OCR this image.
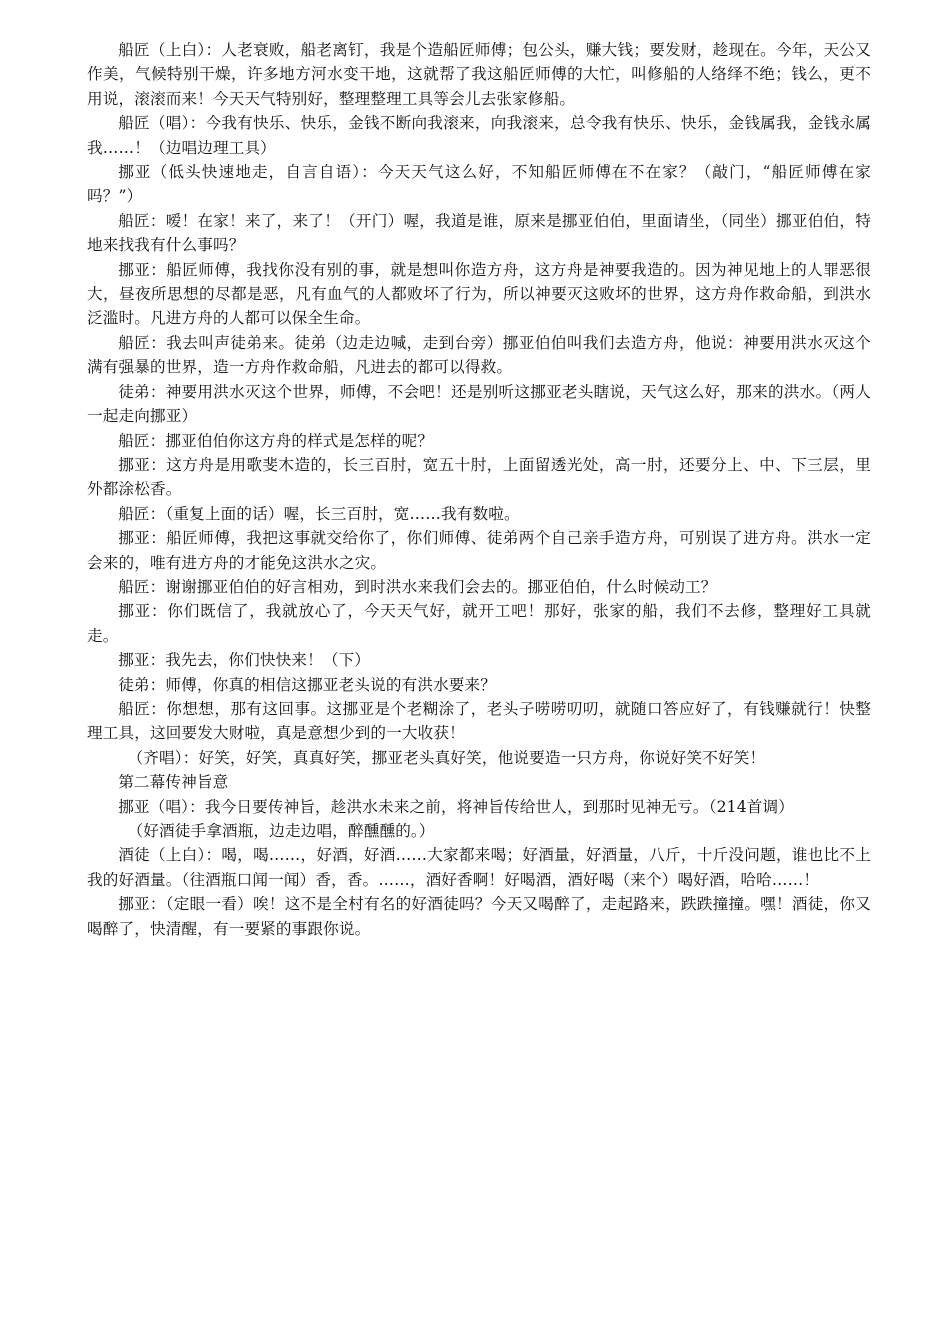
船匠（上白）：人老衰败，船老离钉，我是个造船匠师傅；包公头，赚大钱；要发财，趁现在。今年，天公又作美，气候特别干燥，许多地方河水变干地，这就帮了我这船匠师傅的大忙，叫修船的人络绎不绝；钱么，更不用说，滚滚而来！今天天气特别好，整理整理工具等会儿去张家修船。

船匠（唱）：今我有快乐、快乐，金钱不断向我滚来，向我滚来，总令我有快乐、快乐，金钱属我，金钱永属我……！（边唱边理工具）

挪亚（低头快速地走，自言自语）：今天天气这么好，不知船匠师傅在不在家？（敲门，“船匠师傅在家吗？”）

船匠：嗳！在家！来了，来了！（开门）喔，我道是谁，原来是挪亚伯伯，里面请坐，（同坐）挪亚伯伯，特地来找我有什么事吗？

挪亚：船匠师傅，我找你没有别的事，就是想叫你造方舟，这方舟是神要我造的。因为神见地上的人罪恶很大，昼夜所思想的尽都是恶，凡有血气的人都败坏了行为，所以神要灭这败坏的世界，这方舟作救命船，到洪水泛滥时。凡进方舟的人都可以保全生命。

船匠：我去叫声徒弟来。徒弟（边走边喊，走到台旁）挪亚伯伯叫我们去造方舟，他说：神要用洪水灭这个满有强暴的世界，造一方舟作救命船，凡进去的都可以得救。

徒弟：神要用洪水灭这个世界，师傅，不会吧！还是别听这挪亚老头瞎说，天气这么好，那来的洪水。（两人一起走向挪亚）

船匠：挪亚伯伯你这方舟的样式是怎样的呢？

挪亚：这方舟是用歌斐木造的，长三百肘，宽五十肘，上面留透光处，高一肘，还要分上、中、下三层，里外都涂松香。

船匠：（重复上面的话）喔，长三百肘，宽……我有数啦。

挪亚：船匠师傅，我把这事就交给你了，你们师傅、徒弟两个自己亲手造方舟，可别误了进方舟。洪水一定会来的，唯有进方舟的才能免这洪水之灾。

船匠：谢谢挪亚伯伯的好言相劝，到时洪水来我们会去的。挪亚伯伯，什么时候动工？

挪亚：你们既信了，我就放心了，今天天气好，就开工吧！那好，张家的船，我们不去修，整理好工具就走。

挪亚：我先去，你们快快来！（下）

徒弟：师傅，你真的相信这挪亚老头说的有洪水要来？

船匠：你想想，那有这回事。这挪亚是个老糊涂了，老头子唠唠叨叨，就随口答应好了，有钱赚就行！快整理工具，这回要发大财啦，真是意想少到的一大收获！

（齐唱）：好笑，好笑，真真好笑，挪亚老头真好笑，他说要造一只方舟，你说好笑不好笑！

第二幕传神旨意

挪亚（唱）：我今日要传神旨，趁洪水未来之前，将神旨传给世人，到那时见神无亏。（214首调）

（好酒徒手拿酒瓶，边走边唱，醉醺醺的。）

酒徒（上白）：喝，喝……，好酒，好酒……大家都来喝；好酒量，好酒量，八斤，十斤没问题，谁也比不上我的好酒量。（往酒瓶口闻一闻）香，香。……，酒好香啊！好喝酒，酒好喝（来个）喝好酒，哈哈……！

挪亚：（定眼一看）唉！这不是全村有名的好酒徒吗？今天又喝醉了，走起路来，跌跌撞撞。嘿！酒徒，你又喝醉了，快清醒，有一要紧的事跟你说。
